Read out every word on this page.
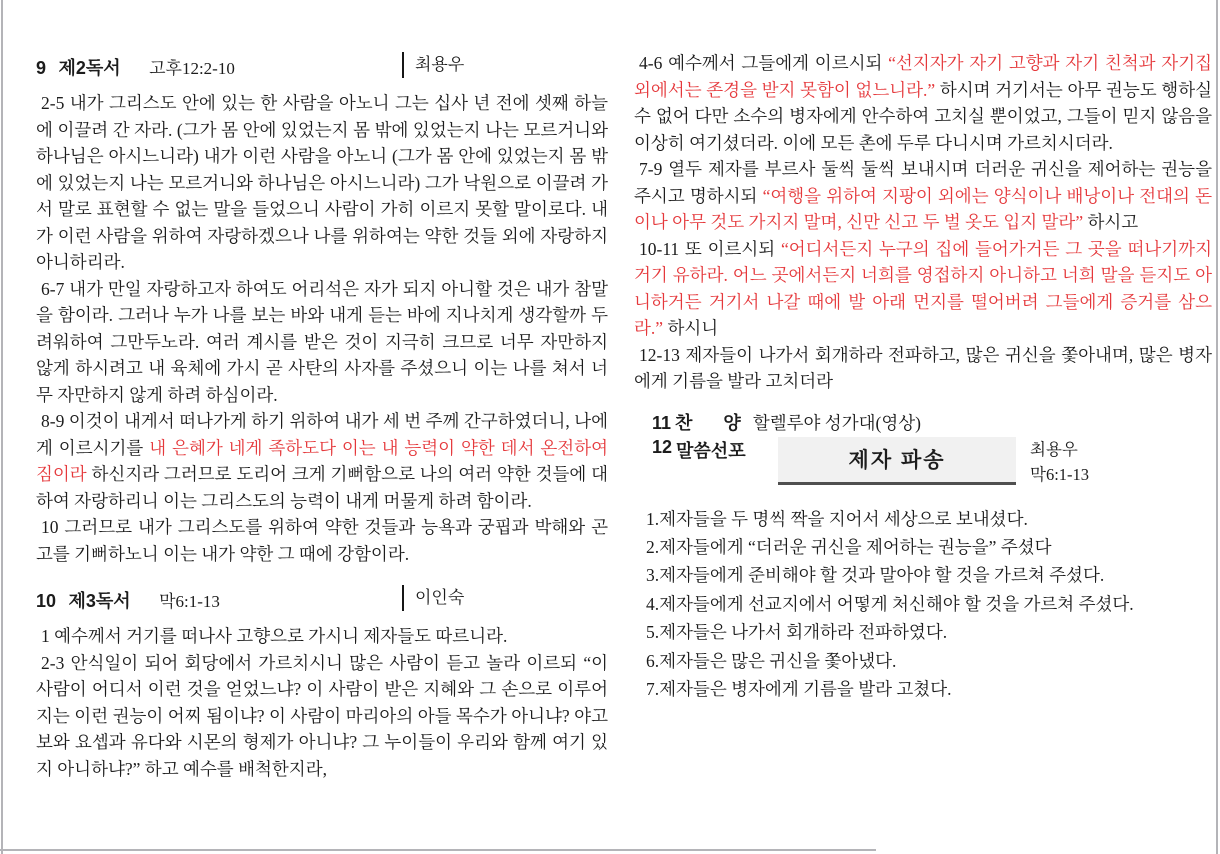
9 제2독서 고후12:2-10	최용우

2-5 내가 그리스도 안에 있는 한 사람을 아노니 그는 십사 년 전에 셋째 하늘에 이끌려 간 자라. (그가 몸 안에 있었는지 몸 밖에 있었는지 나는 모르거니와 하나님은 아시느니라) 내가 이런 사람을 아노니 (그가 몸 안에 있었는지 몸 밖에 있었는지 나는 모르거니와 하나님은 아시느니라) 그가 낙원으로 이끌려 가서 말로 표현할 수 없는 말을 들었으니 사람이 가히 이르지 못할 말이로다. 내가 이런 사람을 위하여 자랑하겠으나 나를 위하여는 약한 것들 외에 자랑하지 아니하리라.

6-7 내가 만일 자랑하고자 하여도 어리석은 자가 되지 아니할 것은 내가 참말을 함이라. 그러나 누가 나를 보는 바와 내게 듣는 바에 지나치게 생각할까 두려워하여 그만두노라. 여러 계시를 받은 것이 지극히 크므로 너무 자만하지 않게 하시려고 내 육체에 가시 곧 사탄의 사자를 주셨으니 이는 나를 쳐서 너무 자만하지 않게 하려 하심이라.

8-9 이것이 내게서 떠나가게 하기 위하여 내가 세 번 주께 간구하였더니, 나에게 이르시기를 내 은혜가 네게 족하도다 이는 내 능력이 약한 데서 온전하여짐이라 하신지라 그러므로 도리어 크게 기뻐함으로 나의 여러 약한 것들에 대하여 자랑하리니 이는 그리스도의 능력이 내게 머물게 하려 함이라.

10 그러므로 내가 그리스도를 위하여 약한 것들과 능욕과 궁핍과 박해와 곤고를 기뻐하노니 이는 내가 약한 그 때에 강함이라.

10 제3독서 막6:1-13	이인숙

1 예수께서 거기를 떠나사 고향으로 가시니 제자들도 따르니라.

2-3 안식일이 되어 회당에서 가르치시니 많은 사람이 듣고 놀라 이르되 “이 사람이 어디서 이런 것을 얻었느냐? 이 사람이 받은 지혜와 그 손으로 이루어지는 이런 권능이 어찌 됨이냐? 이 사람이 마리아의 아들 목수가 아니냐? 야고보와 요셉과 유다와 시몬의 형제가 아니냐? 그 누이들이 우리와 함께 여기 있지 아니하냐?” 하고 예수를 배척한지라,

4-6 예수께서 그들에게 이르시되 “선지자가 자기 고향과 자기 친척과 자기집 외에서는 존경을 받지 못함이 없느니라.” 하시며 거기서는 아무 권능도 행하실 수 없어 다만 소수의 병자에게 안수하여 고치실 뿐이었고, 그들이 믿지 않음을 이상히 여기셨더라. 이에 모든 촌에 두루 다니시며 가르치시더라.

7-9 열두 제자를 부르사 둘씩 둘씩 보내시며 더러운 귀신을 제어하는 권능을 주시고 명하시되 “여행을 위하여 지팡이 외에는 양식이나 배낭이나 전대의 돈이나 아무 것도 가지지 말며, 신만 신고 두 벌 옷도 입지 말라” 하시고

10-11 또 이르시되 “어디서든지 누구의 집에 들어가거든 그 곳을 떠나기까지 거기 유하라. 어느 곳에서든지 너희를 영접하지 아니하고 너희 말을 듣지도 아니하거든 거기서 나갈 때에 발 아래 먼지를 떨어버려 그들에게 증거를 삼으라.” 하시니

12-13 제자들이 나가서 회개하라 전파하고, 많은 귀신을 쫓아내며, 많은 병자에게 기름을 발라 고치더라

11 찬 양 할렐루야 성가대(영상)
12 말씀선포	제자 파송	최용우
막6:1-13

1.제자들을 두 명씩 짝을 지어서 세상으로 보내셨다.

2.제자들에게 “더러운 귀신을 제어하는 권능을” 주셨다

3.제자들에게 준비해야 할 것과 말아야 할 것을 가르쳐 주셨다.

4.제자들에게 선교지에서 어떻게 처신해야 할 것을 가르쳐 주셨다.

5.제자들은 나가서 회개하라 전파하였다.

6.제자들은 많은 귀신을 쫓아냈다.

7.제자들은 병자에게 기름을 발라 고쳤다.
